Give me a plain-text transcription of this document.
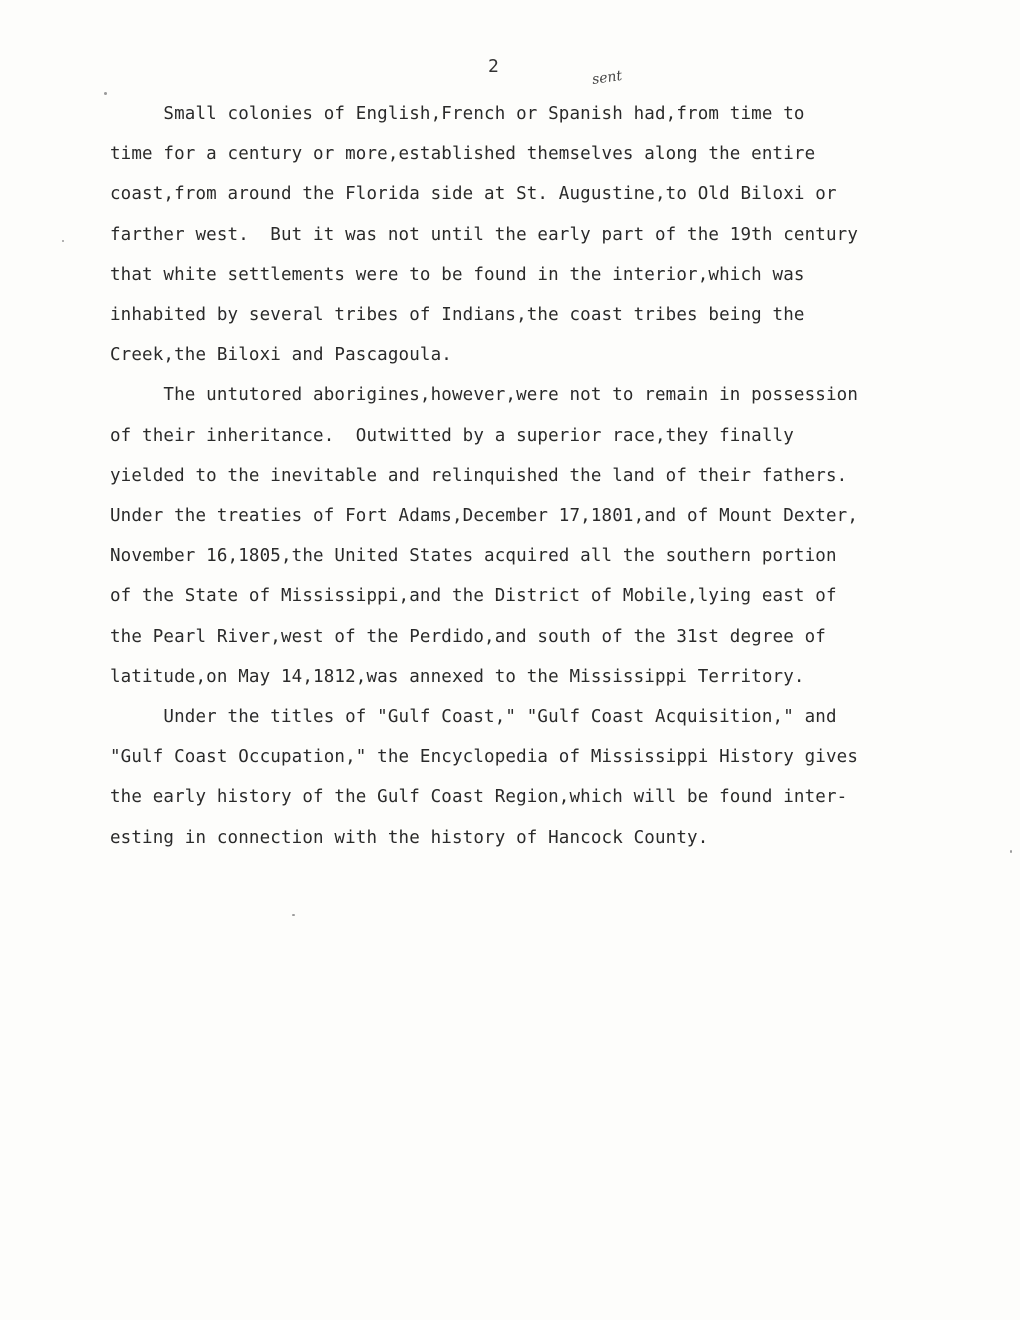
2
sent
Small colonies of English,French or Spanish had,from time to
time for a century or more,established themselves along the entire
coast,from around the Florida side at St. Augustine,to Old Biloxi or
farther west.  But it was not until the early part of the 19th century
that white settlements were to be found in the interior,which was
inhabited by several tribes of Indians,the coast tribes being the
Creek,the Biloxi and Pascagoula.
The untutored aborigines,however,were not to remain in possession
of their inheritance.  Outwitted by a superior race,they finally
yielded to the inevitable and relinquished the land of their fathers.
Under the treaties of Fort Adams,December 17,1801,and of Mount Dexter,
November 16,1805,the United States acquired all the southern portion
of the State of Mississippi,and the District of Mobile,lying east of
the Pearl River,west of the Perdido,and south of the 31st degree of
latitude,on May 14,1812,was annexed to the Mississippi Territory.
Under the titles of "Gulf Coast," "Gulf Coast Acquisition," and
"Gulf Coast Occupation," the Encyclopedia of Mississippi History gives
the early history of the Gulf Coast Region,which will be found inter-
esting in connection with the history of Hancock County.
